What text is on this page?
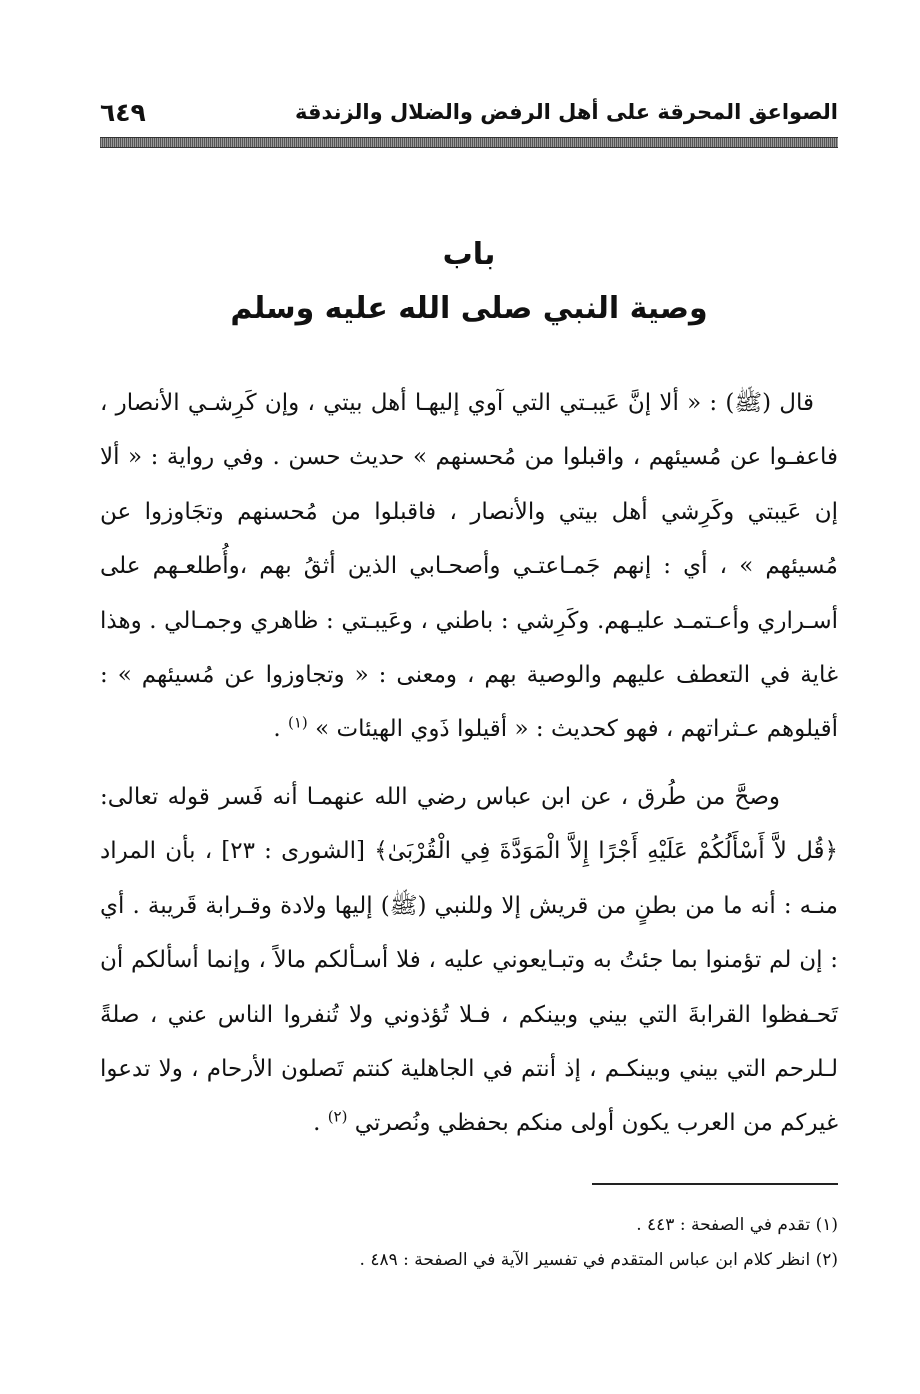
الصواعق المحرقة على أهل الرفض والضلال والزندقة
٦٤٩
باب
وصية النبي صلى الله عليه وسلم

قال (ﷺ) : « ألا إنَّ عَيبـتي التي آوي إليهـا أهل بيتي ، وإن كَرِشـي الأنصار ، فاعفـوا عن مُسيئهم ، واقبلوا من مُحسنهم » حديث حسن . وفي رواية : « ألا إن عَيبتي وكَرِشي أهل بيتي والأنصار ، فاقبلوا من مُحسنهم وتجَاوزوا عن مُسيئهم » ، أي : إنهم جَمـاعتـي وأصحـابي الذين أثقُ بهم ،وأُطلعـهم على أسـراري وأعـتمـد عليـهم. وكَرِشي : باطني ، وعَيبـتي : ظاهري وجمـالي . وهذا غاية في التعطف عليهم والوصية بهم ، ومعنى : « وتجاوزوا عن مُسيئهم » : أقيلوهم عـثراتهم ، فهو كحديث : « أقيلوا ذَوي الهيئات » $^{(١)}$ .

وصحَّ من طُرق ، عن ابن عباس رضي الله عنهمـا أنه فَسر قوله تعالى: ﴿قُل لاَّ أَسْأَلُكُمْ عَلَيْهِ أَجْرًا إِلاَّ الْمَوَدَّةَ فِي الْقُرْبَىٰ﴾ [الشورى : ٢٣] ، بأن المراد منـه : أنه ما من بطنٍ من قريش إلا وللنبي (ﷺ) إليها ولادة وقـرابة قَريبة . أي : إن لم تؤمنوا بما جئتُ به وتبـايعوني عليه ، فلا أسـألكم مالاً ، وإنما أسألكم أن تَحـفظوا القرابةَ التي بيني وبينكم ، فـلا تُؤذوني ولا تُنفروا الناس عني ، صلةً لـلرحم التي بيني وبينكـم ، إذ أنتم في الجاهلية كنتم تَصلون الأرحام ، ولا تدعوا غيركم من العرب يكون أولى منكم بحفظي ونُصرتي $^{(٢)}$ .

(١) تقدم في الصفحة : ٤٤٣ .
(٢) انظر كلام ابن عباس المتقدم في تفسير الآية في الصفحة : ٤٨٩ .
